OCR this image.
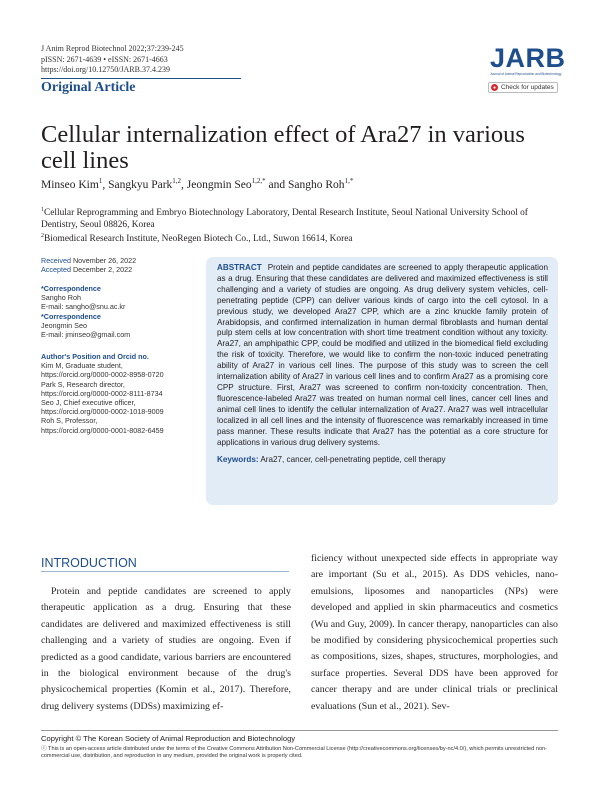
J Anim Reprod Biotechnol 2022;37:239-245
pISSN: 2671-4639 • eISSN: 2671-4663
https://doi.org/10.12750/JARB.37.4.239
Original Article
JARB
Journal of Animal Reproduction and Biotechnology
● Check for updates
Cellular internalization effect of Ara27 in various cell lines
Minseo Kim$^1$, Sangkyu Park$^{1,2}$, Jeongmin Seo$^{1,2,*}$ and Sangho Roh$^{1,*}$
$^1$Cellular Reprogramming and Embryo Biotechnology Laboratory, Dental Research Institute, Seoul National University School of Dentistry, Seoul 08826, Korea
$^2$Biomedical Research Institute, NeoRegen Biotech Co., Ltd., Suwon 16614, Korea
Received November 26, 2022
Accepted December 2, 2022
*Correspondence
Sangho Roh
E-mail: sangho@snu.ac.kr
*Correspondence
Jeongmin Seo
E-mail: jminseo@gmail.com
Author's Position and Orcid no.
Kim M, Graduate student,
https://orcid.org/0000-0002-8958-0720
Park S, Research director,
https://orcid.org/0000-0002-8111-8734
Seo J, Chief executive officer,
https://orcid.org/0000-0002-1018-9009
Roh S, Professor,
https://orcid.org/0000-0001-8082-6459
ABSTRACT Protein and peptide candidates are screened to apply therapeutic application as a drug. Ensuring that these candidates are delivered and maximized effectiveness is still challenging and a variety of studies are ongoing. As drug delivery system vehicles, cell-penetrating peptide (CPP) can deliver various kinds of cargo into the cell cytosol. In a previous study, we developed Ara27 CPP, which are a zinc knuckle family protein of Arabidopsis, and confirmed internalization in human dermal fibroblasts and human dental pulp stem cells at low concentration with short time treatment condition without any toxicity. Ara27, an amphipathic CPP, could be modified and utilized in the biomedical field excluding the risk of toxicity. Therefore, we would like to confirm the non-toxic induced penetrating ability of Ara27 in various cell lines. The purpose of this study was to screen the cell internalization ability of Ara27 in various cell lines and to confirm Ara27 as a promising core CPP structure. First, Ara27 was screened to confirm non-toxicity concentration. Then, fluorescence-labeled Ara27 was treated on human normal cell lines, cancer cell lines and animal cell lines to identify the cellular internalization of Ara27. Ara27 was well intracellular localized in all cell lines and the intensity of fluorescence was remarkably increased in time pass manner. These results indicate that Ara27 has the potential as a core structure for applications in various drug delivery systems.
Keywords: Ara27, cancer, cell-penetrating peptide, cell therapy
INTRODUCTION
Protein and peptide candidates are screened to apply therapeutic application as a drug. Ensuring that these candidates are delivered and maximized effectiveness is still challenging and a variety of studies are ongoing. Even if predicted as a good candidate, various barriers are encountered in the biological environment because of the drug's physicochemical properties (Komin et al., 2017). Therefore, drug delivery systems (DDSs) maximizing ef-
ficiency without unexpected side effects in appropriate way are important (Su et al., 2015). As DDS vehicles, nano-emulsions, liposomes and nanoparticles (NPs) were developed and applied in skin pharmaceutics and cosmetics (Wu and Guy, 2009). In cancer therapy, nanoparticles can also be modified by considering physicochemical properties such as compositions, sizes, shapes, structures, morphologies, and surface properties. Several DDS have been approved for cancer therapy and are under clinical trials or preclinical evaluations (Sun et al., 2021). Sev-
Copyright © The Korean Society of Animal Reproduction and Biotechnology
ⓒ This is an open-access article distributed under the terms of the Creative Commons Attribution Non-Commercial License (http://creativecommons.org/licenses/by-nc/4.0/), which permits unrestricted non-commercial use, distribution, and reproduction in any medium, provided the original work is properly cited.
